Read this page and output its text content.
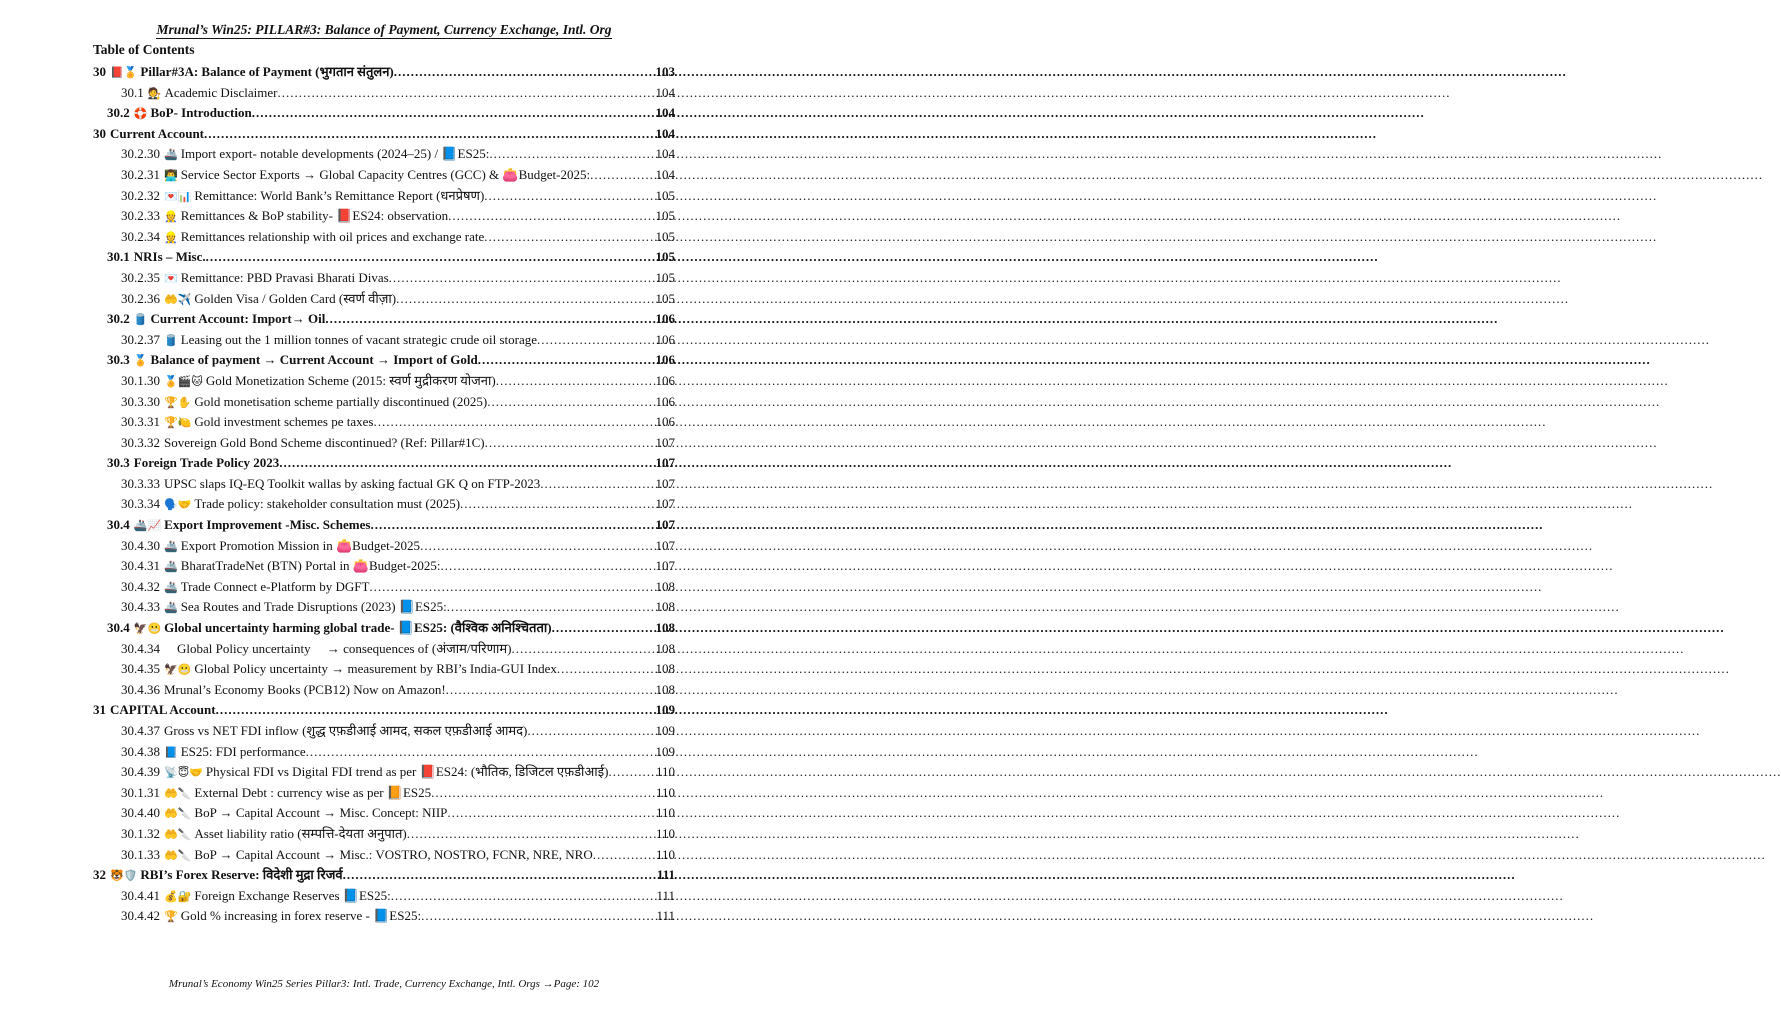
Mrunal’s Win25: PILLAR#3: Balance of Payment, Currency Exchange, Intl. Org
Table of Contents
30 📕🏅 Pillar#3A: Balance of Payment (भुगतान संतुलन) .....	103
30.1 🧑‍⚖️ Academic Disclaimer .....	104
30.2 🛟 BoP- Introduction .....	104
30 Current Account .....	104
30.2.30 🚢 Import export- notable developments (2024–25) / 📘ES25: .....	104
30.2.31 👨‍💻 Service Sector Exports → Global Capacity Centres (GCC) & 👛Budget-2025: .....	104
30.2.32 💌📊 Remittance: World Bank’s Remittance Report (धनप्रेषण) .....	105
30.2.33 👷 Remittances & BoP stability- 📕ES24: observation .....	105
30.2.34 👷 Remittances relationship with oil prices and exchange rate .....	105
30.1 NRIs – Misc. .....	105
30.2.35 💌 Remittance: PBD Pravasi Bharati Divas .....	105
30.2.36 🤲✈️ Golden Visa / Golden Card (स्वर्ण वीज़ा) .....	105
30.2 🛢️ Current Account: Import→ Oil .....	106
30.2.37 🛢️ Leasing out the 1 million tonnes of vacant strategic crude oil storage .....	106
30.3 🏅 Balance of payment → Current Account → Import of Gold .....	106
30.1.30 🏅🎬🐱 Gold Monetization Scheme (2015: स्वर्ण मुद्रीकरण योजना) .....	106
30.3.30 🏆✋ Gold monetisation scheme partially discontinued (2025) .....	106
30.3.31 🏆🍋 Gold investment schemes pe taxes .....	106
30.3.32 Sovereign Gold Bond Scheme discontinued? (Ref: Pillar#1C) .....	107
30.3 Foreign Trade Policy 2023 .....	107
30.3.33 UPSC slaps IQ-EQ Toolkit wallas by asking factual GK Q on FTP-2023 .....	107
30.3.34 🗣️🤝 Trade policy: stakeholder consultation must (2025) .....	107
30.4 🚢📈 Export Improvement -Misc. Schemes .....	107
30.4.30 🚢 Export Promotion Mission in 👛Budget-2025 .....	107
30.4.31 🚢 BharatTradeNet (BTN) Portal in 👛Budget-2025: .....	107
30.4.32 🚢 Trade Connect e-Platform by DGFT .....	108
30.4.33 🚢 Sea Routes and Trade Disruptions (2023) 📘ES25: .....	108
30.4 🦅😬 Global uncertainty harming global trade- 📘ES25: (वैश्विक अनिश्चितता) .....	108
30.4.34 Global Policy uncertainty     → consequences of (अंजाम/परिणाम) .....	108
30.4.35 🦅😬 Global Policy uncertainty → measurement by RBI’s India-GUI Index .....	108
30.4.36 Mrunal’s Economy Books (PCB12) Now on Amazon! .....	108
31 CAPITAL Account .....	109
30.4.37 Gross vs NET FDI inflow (शुद्ध एफ़डीआई आमद, सकल एफ़डीआई आमद) .....	109
30.4.38 📘 ES25: FDI performance .....	109
30.4.39 📡😇🤝 Physical FDI vs Digital FDI trend as per 📕ES24: (भौतिक, डिजिटल एफ़डीआई) .....	110
30.1.31 🤲🔪 External Debt : currency wise as per 📙ES25 .....	110
30.4.40 🤲🔪 BoP → Capital Account → Misc. Concept: NIIP .....	110
30.1.32 🤲🔪 Asset liability ratio (सम्पत्ति-देयता अनुपात) .....	110
30.1.33 🤲🔪 BoP → Capital Account → Misc.: VOSTRO, NOSTRO, FCNR, NRE, NRO .....	110
32 🐯🛡️ RBI’s Forex Reserve: विदेशी मुद्रा रिजर्व .....	111
30.4.41 💰🔐 Foreign Exchange Reserves 📘ES25: .....	111
30.4.42 🏆 Gold % increasing in forex reserve - 📘ES25: .....	111
Mrunal’s Economy Win25 Series Pillar3: Intl. Trade, Currency Exchange, Intl. Orgs →Page: 102
